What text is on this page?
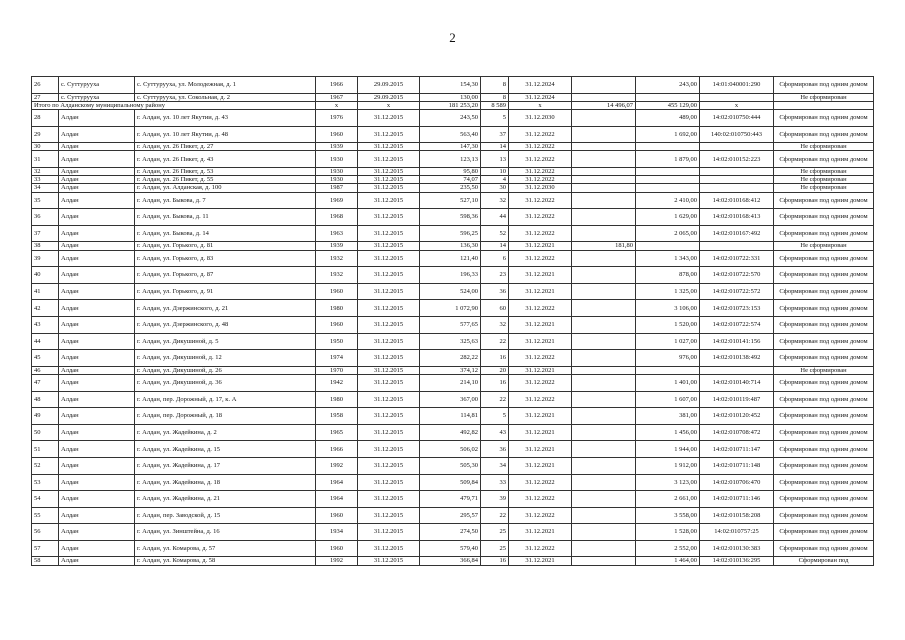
2
26	с. Суттурууха	с. Суттурууха, ул. Молодежная, д. 1	1966	29.09.2015	154,30	8	31.12.2024		243,00	14:01:040001:290	Сформирован под одним домом
27	с. Суттурууха	с. Суттурууха, ул. Сокольная, д. 2	1967	29.09.2015	130,00	8	31.12.2024				Не сформирован
Итого по Алданскому муниципальному району			x	x	181 253,20	8 589	x	14 496,07	455 129,00	x	
28	Алдан	г. Алдан, ул. 10 лет Якутии, д. 43	1976	31.12.2015	243,50	5	31.12.2030		489,00	14:02:010750:444	Сформирован под одним домом
29	Алдан	г. Алдан, ул. 10 лет Якутии, д. 48	1960	31.12.2015	563,40	37	31.12.2022		1 692,00	140:02:010750:443	Сформирован под одним домом
30	Алдан	г. Алдан, ул. 26 Пикет, д. 27	1939	31.12.2015	147,30	14	31.12.2022				Не сформирован
31	Алдан	г. Алдан, ул. 26 Пикет, д. 43	1930	31.12.2015	123,13	13	31.12.2022		1 879,00	14:02:010152:223	Сформирован под одним домом
32	Алдан	г. Алдан, ул. 26 Пикет, д. 53	1930	31.12.2015	95,80	10	31.12.2022				Не сформирован
33	Алдан	г. Алдан, ул. 26 Пикет, д. 55	1930	31.12.2015	74,07	4	31.12.2022				Не сформирован
34	Алдан	г. Алдан, ул. Алданская, д. 100	1987	31.12.2015	235,50	30	31.12.2030				Не сформирован
35	Алдан	г. Алдан, ул. Быкова, д. 7	1969	31.12.2015	527,10	32	31.12.2022		2 410,00	14:02:010168:412	Сформирован под одним домом
36	Алдан	г. Алдан, ул. Быкова, д. 11	1968	31.12.2015	598,36	44	31.12.2022		1 629,00	14:02:010168:413	Сформирован под одним домом
37	Алдан	г. Алдан, ул. Быкова, д. 14	1963	31.12.2015	596,25	52	31.12.2022		2 065,00	14:02:010167:492	Сформирован под одним домом
38	Алдан	г. Алдан, ул. Горького, д. 81	1939	31.12.2015	136,30	14	31.12.2021	181,80			Не сформирован
39	Алдан	г. Алдан, ул. Горького, д. 83	1932	31.12.2015	121,40	6	31.12.2022		1 343,00	14:02:010722:331	Сформирован под одним домом
40	Алдан	г. Алдан, ул. Горького, д. 87	1932	31.12.2015	196,33	23	31.12.2021		878,00	14:02:010722:570	Сформирован под одним домом
41	Алдан	г. Алдан, ул. Горького, д. 91	1960	31.12.2015	524,00	36	31.12.2021		1 325,00	14:02:010722:572	Сформирован под одним домом
42	Алдан	г. Алдан, ул. Дзержинского, д. 21	1980	31.12.2015	1 072,90	60	31.12.2022		3 106,00	14:02:010723:153	Сформирован под одним домом
43	Алдан	г. Алдан, ул. Дзержинского, д. 48	1960	31.12.2015	577,65	32	31.12.2021		1 520,00	14:02:010722:574	Сформирован под одним домом
44	Алдан	г. Алдан, ул. Дикушиной, д. 5	1950	31.12.2015	325,63	22	31.12.2021		1 027,00	14:02:010141:156	Сформирован под одним домом
45	Алдан	г. Алдан, ул. Дикушиной, д. 12	1974	31.12.2015	282,22	16	31.12.2022		976,00	14:02:010138:492	Сформирован под одним домом
46	Алдан	г. Алдан, ул. Дикушиной, д. 26	1970	31.12.2015	374,12	20	31.12.2021				Не сформирован
47	Алдан	г. Алдан, ул. Дикушиной, д. 36	1942	31.12.2015	214,10	16	31.12.2022		1 401,00	14:02:010140:714	Сформирован под одним домом
48	Алдан	г. Алдан, пер. Дорожный, д. 17, к. А	1980	31.12.2015	367,00	22	31.12.2022		1 607,00	14:02:010119:487	Сформирован под одним домом
49	Алдан	г. Алдан, пер. Дорожный, д. 18	1958	31.12.2015	114,81	5	31.12.2021		381,00	14:02:010120:452	Сформирован под одним домом
50	Алдан	г. Алдан, ул. Жадейкина, д. 2	1965	31.12.2015	492,82	43	31.12.2021		1 456,00	14:02:010708:472	Сформирован под одним домом
51	Алдан	г. Алдан, ул. Жадейкина, д. 15	1966	31.12.2015	506,02	36	31.12.2021		1 944,00	14:02:010711:147	Сформирован под одним домом
52	Алдан	г. Алдан, ул. Жадейкина, д. 17	1992	31.12.2015	505,30	34	31.12.2021		1 912,00	14:02:010711:148	Сформирован под одним домом
53	Алдан	г. Алдан, ул. Жадейкина, д. 18	1964	31.12.2015	509,84	33	31.12.2022		3 123,00	14:02:010706:470	Сформирован под одним домом
54	Алдан	г. Алдан, ул. Жадейкина, д. 21	1964	31.12.2015	479,71	39	31.12.2022		2 661,00	14:02:010711:146	Сформирован под одним домом
55	Алдан	г. Алдан, пер. Заводской, д. 15	1960	31.12.2015	295,57	22	31.12.2022		3 558,00	14:02:010158:208	Сформирован под одним домом
56	Алдан	г. Алдан, ул. Зинштейна, д. 16	1934	31.12.2015	274,50	25	31.12.2021		1 528,00	14:02:010757:25	Сформирован под одним домом
57	Алдан	г. Алдан, ул. Комарова, д. 57	1960	31.12.2015	579,40	25	31.12.2022		2 552,00	14:02:010130:383	Сформирован под одним домом
58	Алдан	г. Алдан, ул. Комарова, д. 58	1992	31.12.2015	366,84	16	31.12.2021		1 464,00	14:02:010136:295	Сформирован под
